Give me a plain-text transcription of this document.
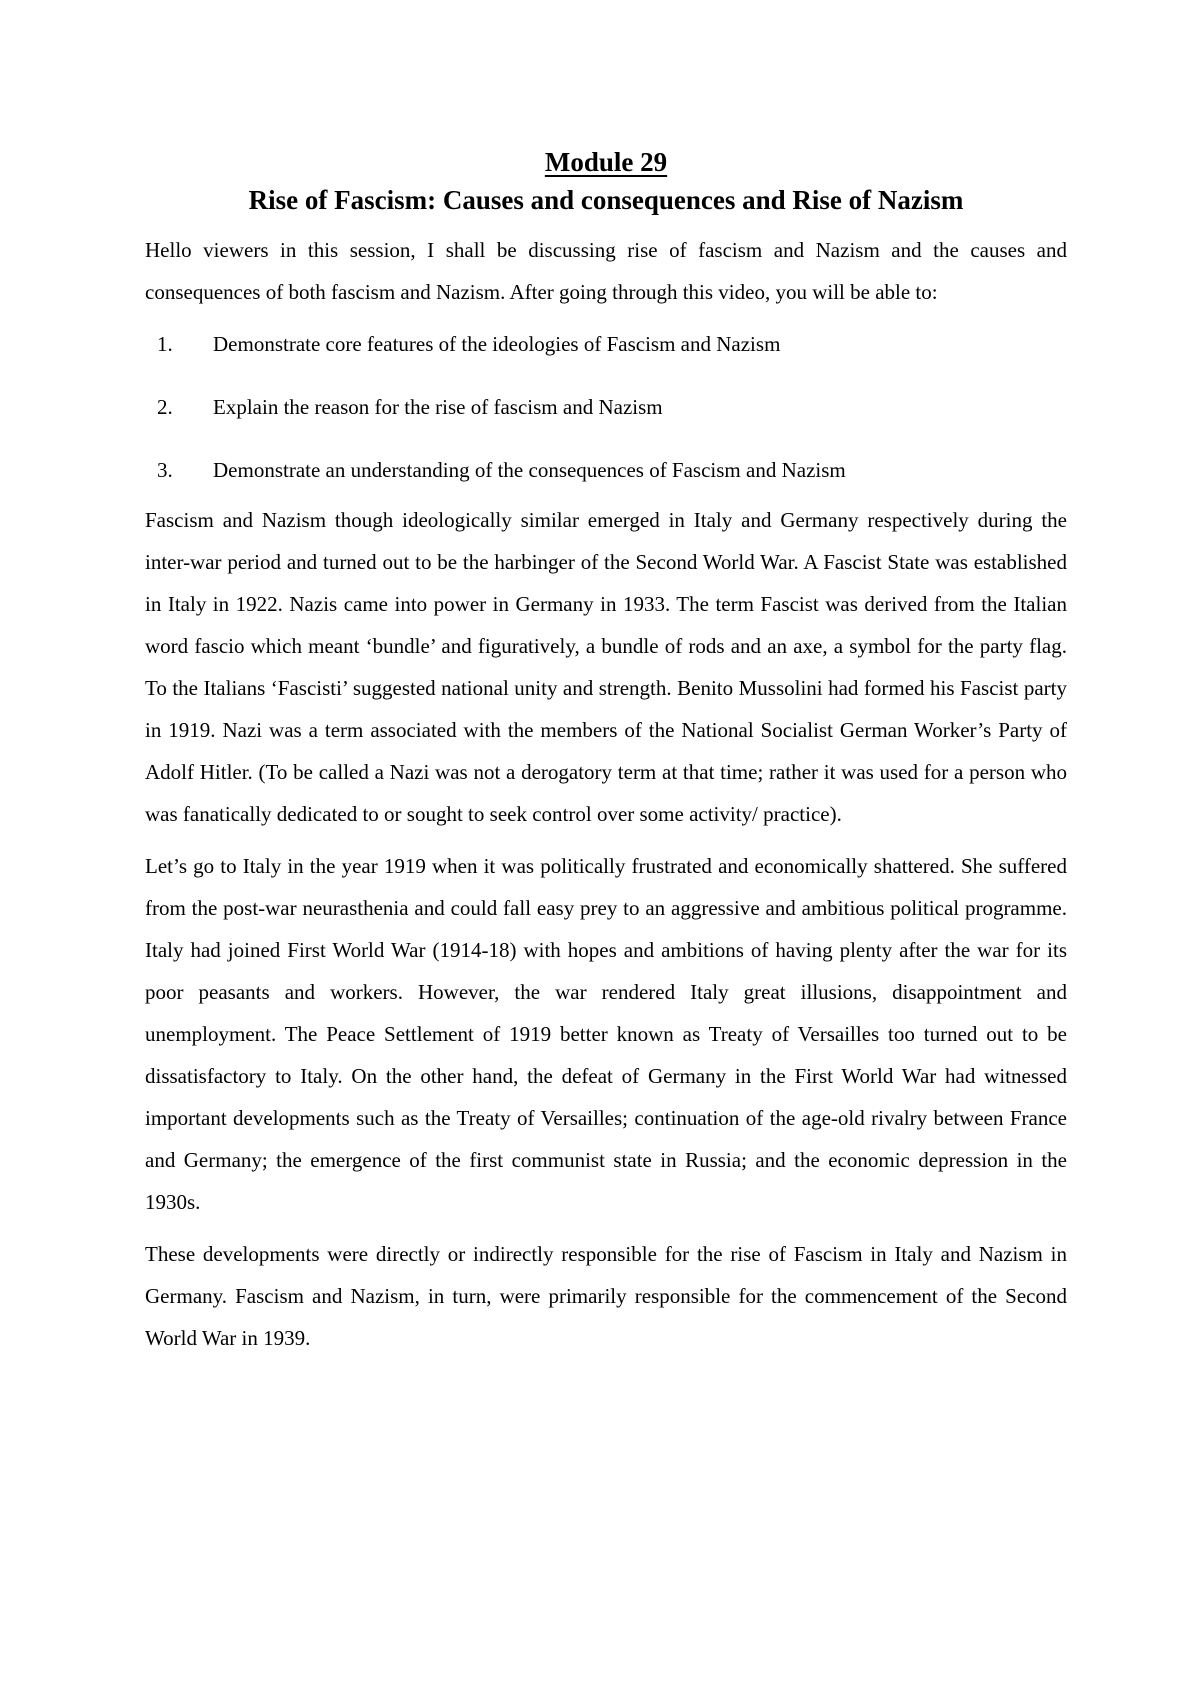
Module 29
Rise of Fascism: Causes and consequences and Rise of Nazism

Hello viewers in this session, I shall be discussing rise of fascism and Nazism and the causes and consequences of both fascism and Nazism. After going through this video, you will be able to:

1.	Demonstrate core features of the ideologies of Fascism and Nazism
2.	Explain the reason for the rise of fascism and Nazism
3.	Demonstrate an understanding of the consequences of Fascism and Nazism

Fascism and Nazism though ideologically similar emerged in Italy and Germany respectively during the inter-war period and turned out to be the harbinger of the Second World War. A Fascist State was established in Italy in 1922. Nazis came into power in Germany in 1933. The term Fascist was derived from the Italian word fascio which meant ‘bundle’ and figuratively, a bundle of rods and an axe, a symbol for the party flag. To the Italians ‘Fascisti’ suggested national unity and strength. Benito Mussolini had formed his Fascist party in 1919. Nazi was a term associated with the members of the National Socialist German Worker’s Party of Adolf Hitler. (To be called a Nazi was not a derogatory term at that time; rather it was used for a person who was fanatically dedicated to or sought to seek control over some activity/ practice).

Let’s go to Italy in the year 1919 when it was politically frustrated and economically shattered. She suffered from the post-war neurasthenia and could fall easy prey to an aggressive and ambitious political programme. Italy had joined First World War (1914-18) with hopes and ambitions of having plenty after the war for its poor peasants and workers. However, the war rendered Italy great illusions, disappointment and unemployment. The Peace Settlement of 1919 better known as Treaty of Versailles too turned out to be dissatisfactory to Italy. On the other hand, the defeat of Germany in the First World War had witnessed important developments such as the Treaty of Versailles; continuation of the age-old rivalry between France and Germany; the emergence of the first communist state in Russia; and the economic depression in the 1930s.

These developments were directly or indirectly responsible for the rise of Fascism in Italy and Nazism in Germany. Fascism and Nazism, in turn, were primarily responsible for the commencement of the Second World War in 1939.
